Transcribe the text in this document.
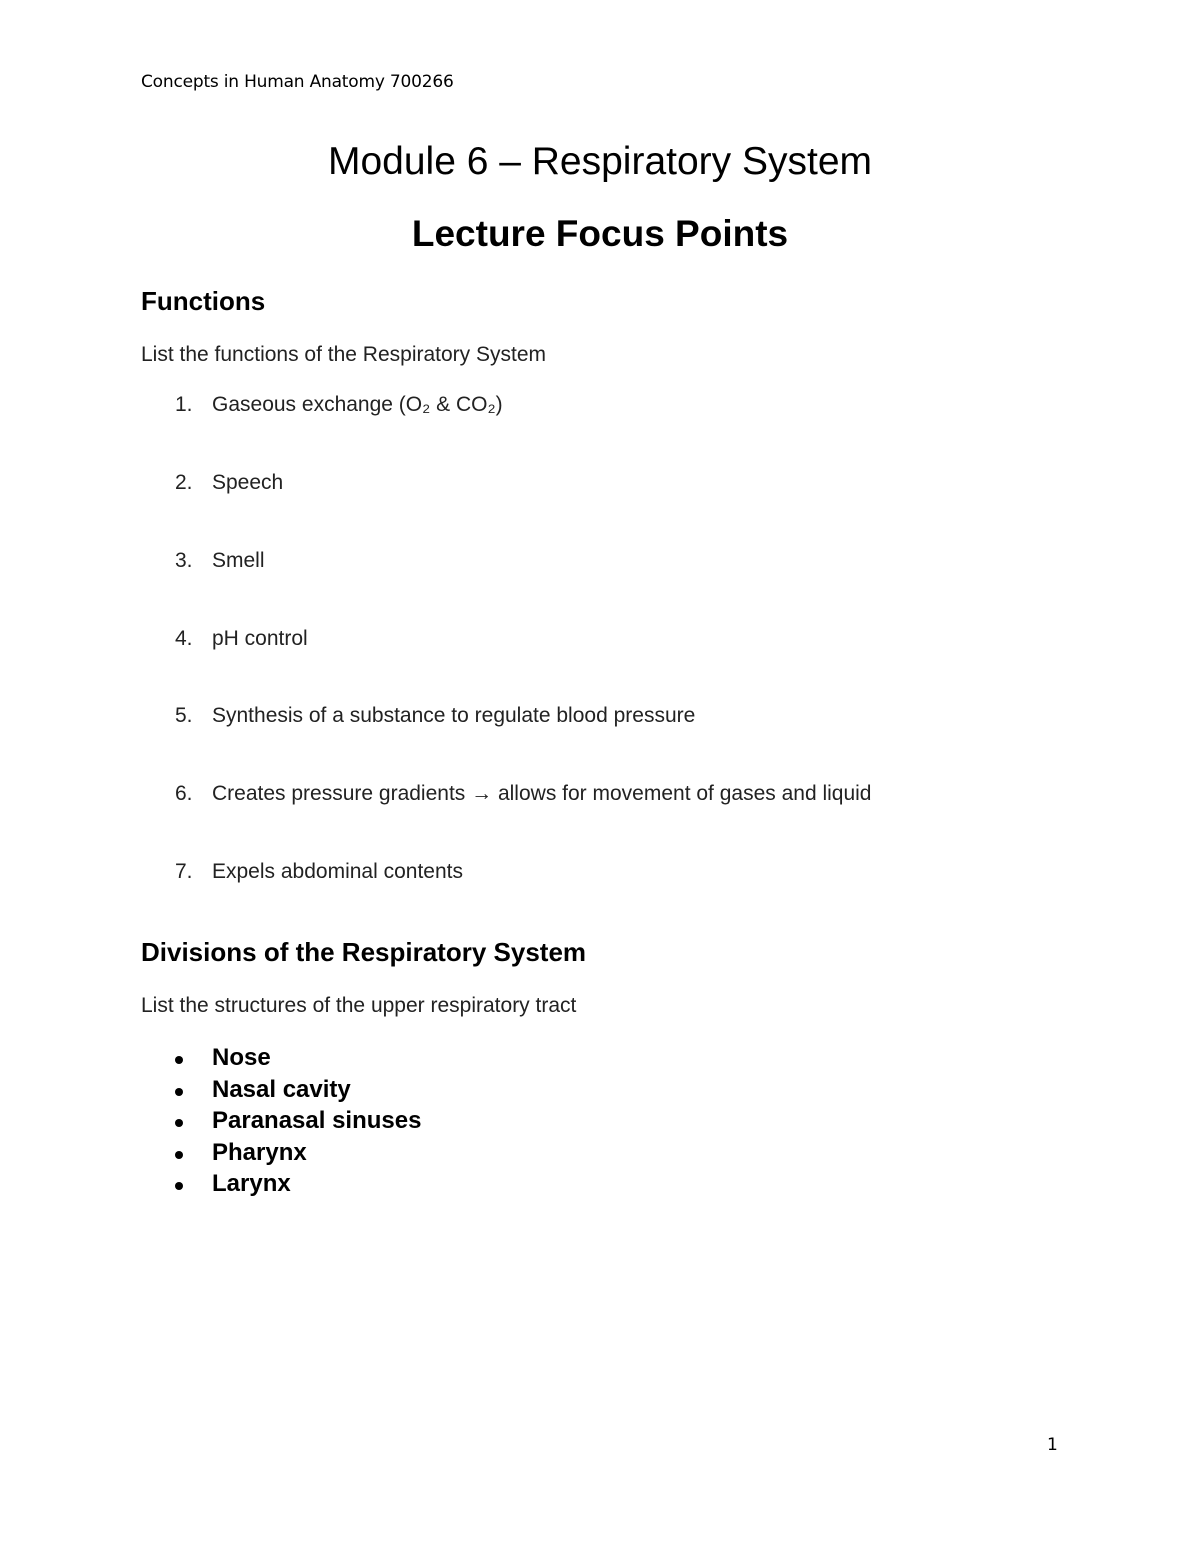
Concepts in Human Anatomy 700266
Module 6 – Respiratory System
Lecture Focus Points
Functions
List the functions of the Respiratory System
1. Gaseous exchange (O₂ & CO₂)
2. Speech
3. Smell
4. pH control
5. Synthesis of a substance to regulate blood pressure
6. Creates pressure gradients → allows for movement of gases and liquid
7. Expels abdominal contents
Divisions of the Respiratory System
List the structures of the upper respiratory tract
Nose
Nasal cavity
Paranasal sinuses
Pharynx
Larynx
1
